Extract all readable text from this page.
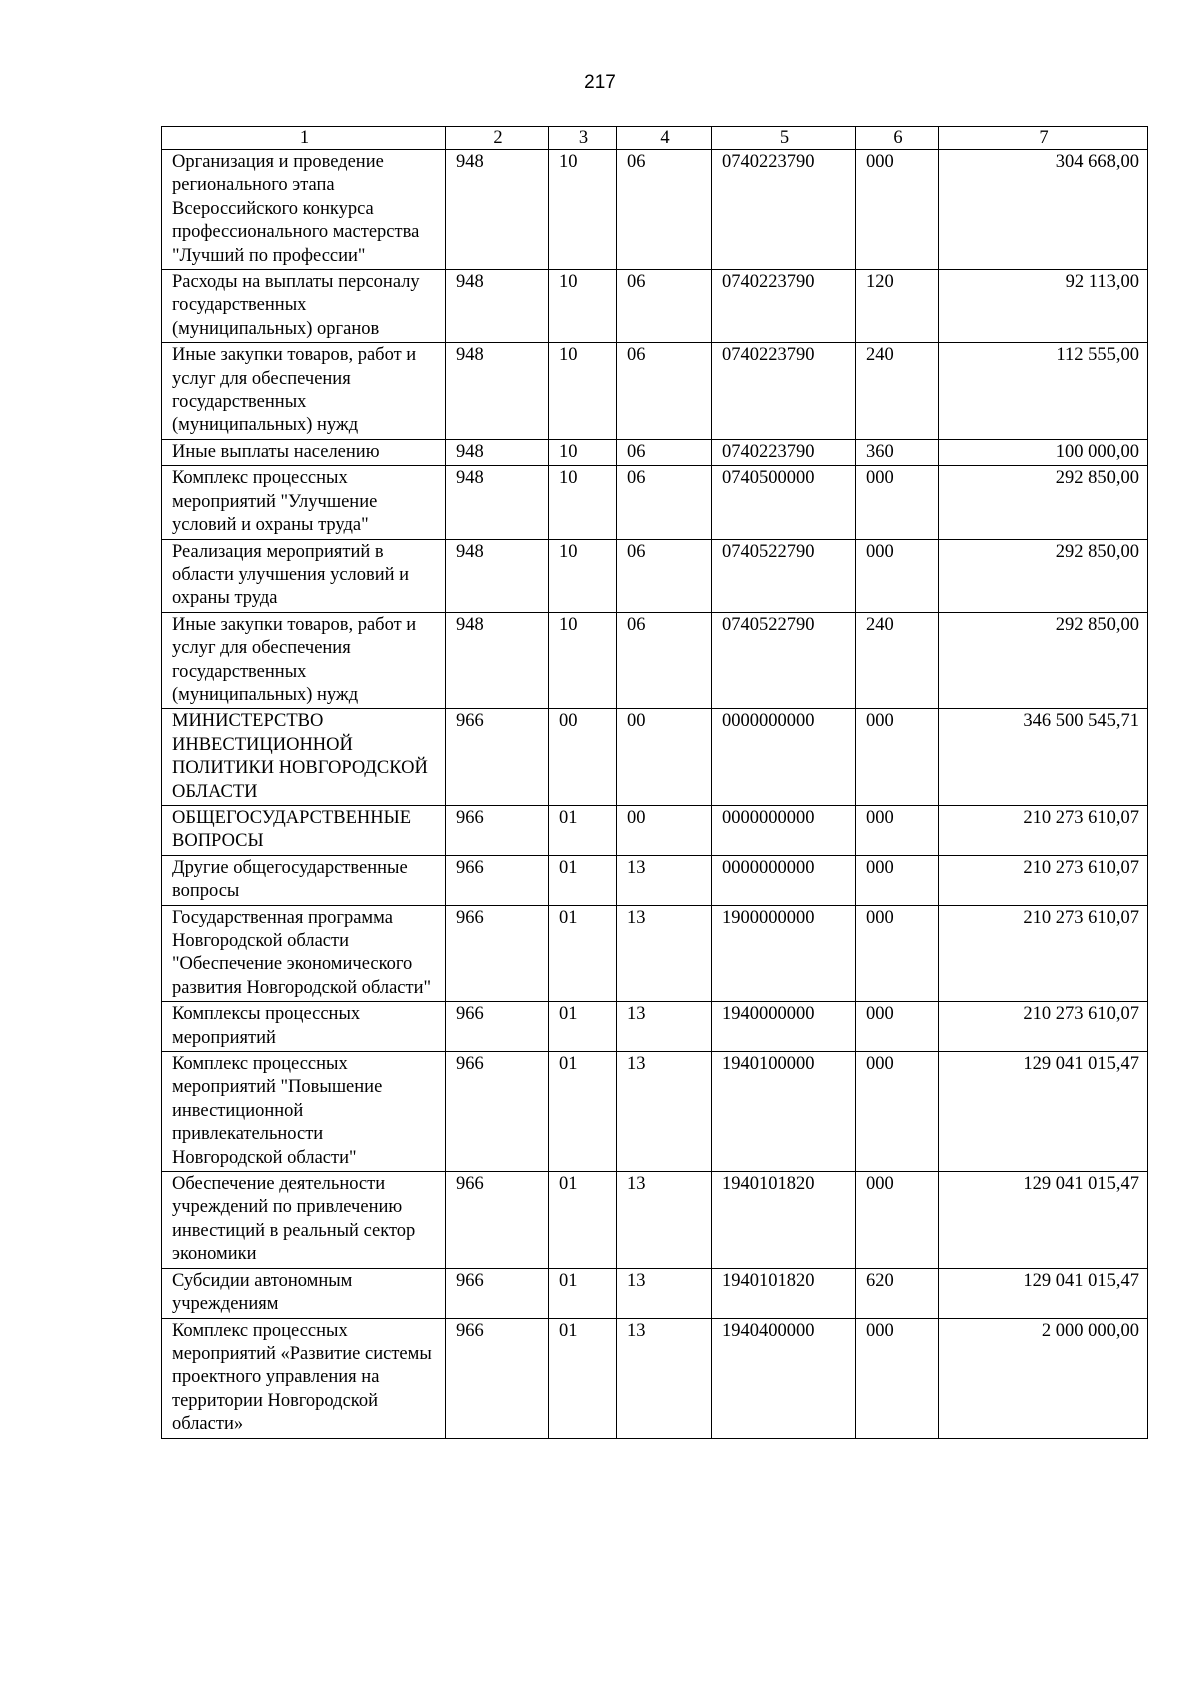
217
1	2	3	4	5	6	7
Организация и проведение регионального этапа Всероссийского конкурса профессионального мастерства "Лучший по профессии"	948	10	06	0740223790	000	304 668,00
Расходы на выплаты персоналу государственных (муниципальных) органов	948	10	06	0740223790	120	92 113,00
Иные закупки товаров, работ и услуг для обеспечения государственных (муниципальных) нужд	948	10	06	0740223790	240	112 555,00
Иные выплаты населению	948	10	06	0740223790	360	100 000,00
Комплекс процессных мероприятий "Улучшение условий и охраны труда"	948	10	06	0740500000	000	292 850,00
Реализация мероприятий в области улучшения условий и охраны труда	948	10	06	0740522790	000	292 850,00
Иные закупки товаров, работ и услуг для обеспечения государственных (муниципальных) нужд	948	10	06	0740522790	240	292 850,00
МИНИСТЕРСТВО ИНВЕСТИЦИОННОЙ ПОЛИТИКИ НОВГОРОДСКОЙ ОБЛАСТИ	966	00	00	0000000000	000	346 500 545,71
ОБЩЕГОСУДАРСТВЕННЫЕ ВОПРОСЫ	966	01	00	0000000000	000	210 273 610,07
Другие общегосударственные вопросы	966	01	13	0000000000	000	210 273 610,07
Государственная программа Новгородской области "Обеспечение экономического развития Новгородской области"	966	01	13	1900000000	000	210 273 610,07
Комплексы процессных мероприятий	966	01	13	1940000000	000	210 273 610,07
Комплекс процессных мероприятий "Повышение инвестиционной привлекательности Новгородской области"	966	01	13	1940100000	000	129 041 015,47
Обеспечение деятельности учреждений по привлечению инвестиций в реальный сектор экономики	966	01	13	1940101820	000	129 041 015,47
Субсидии автономным учреждениям	966	01	13	1940101820	620	129 041 015,47
Комплекс процессных мероприятий «Развитие системы проектного управления на территории Новгородской области»	966	01	13	1940400000	000	2 000 000,00
